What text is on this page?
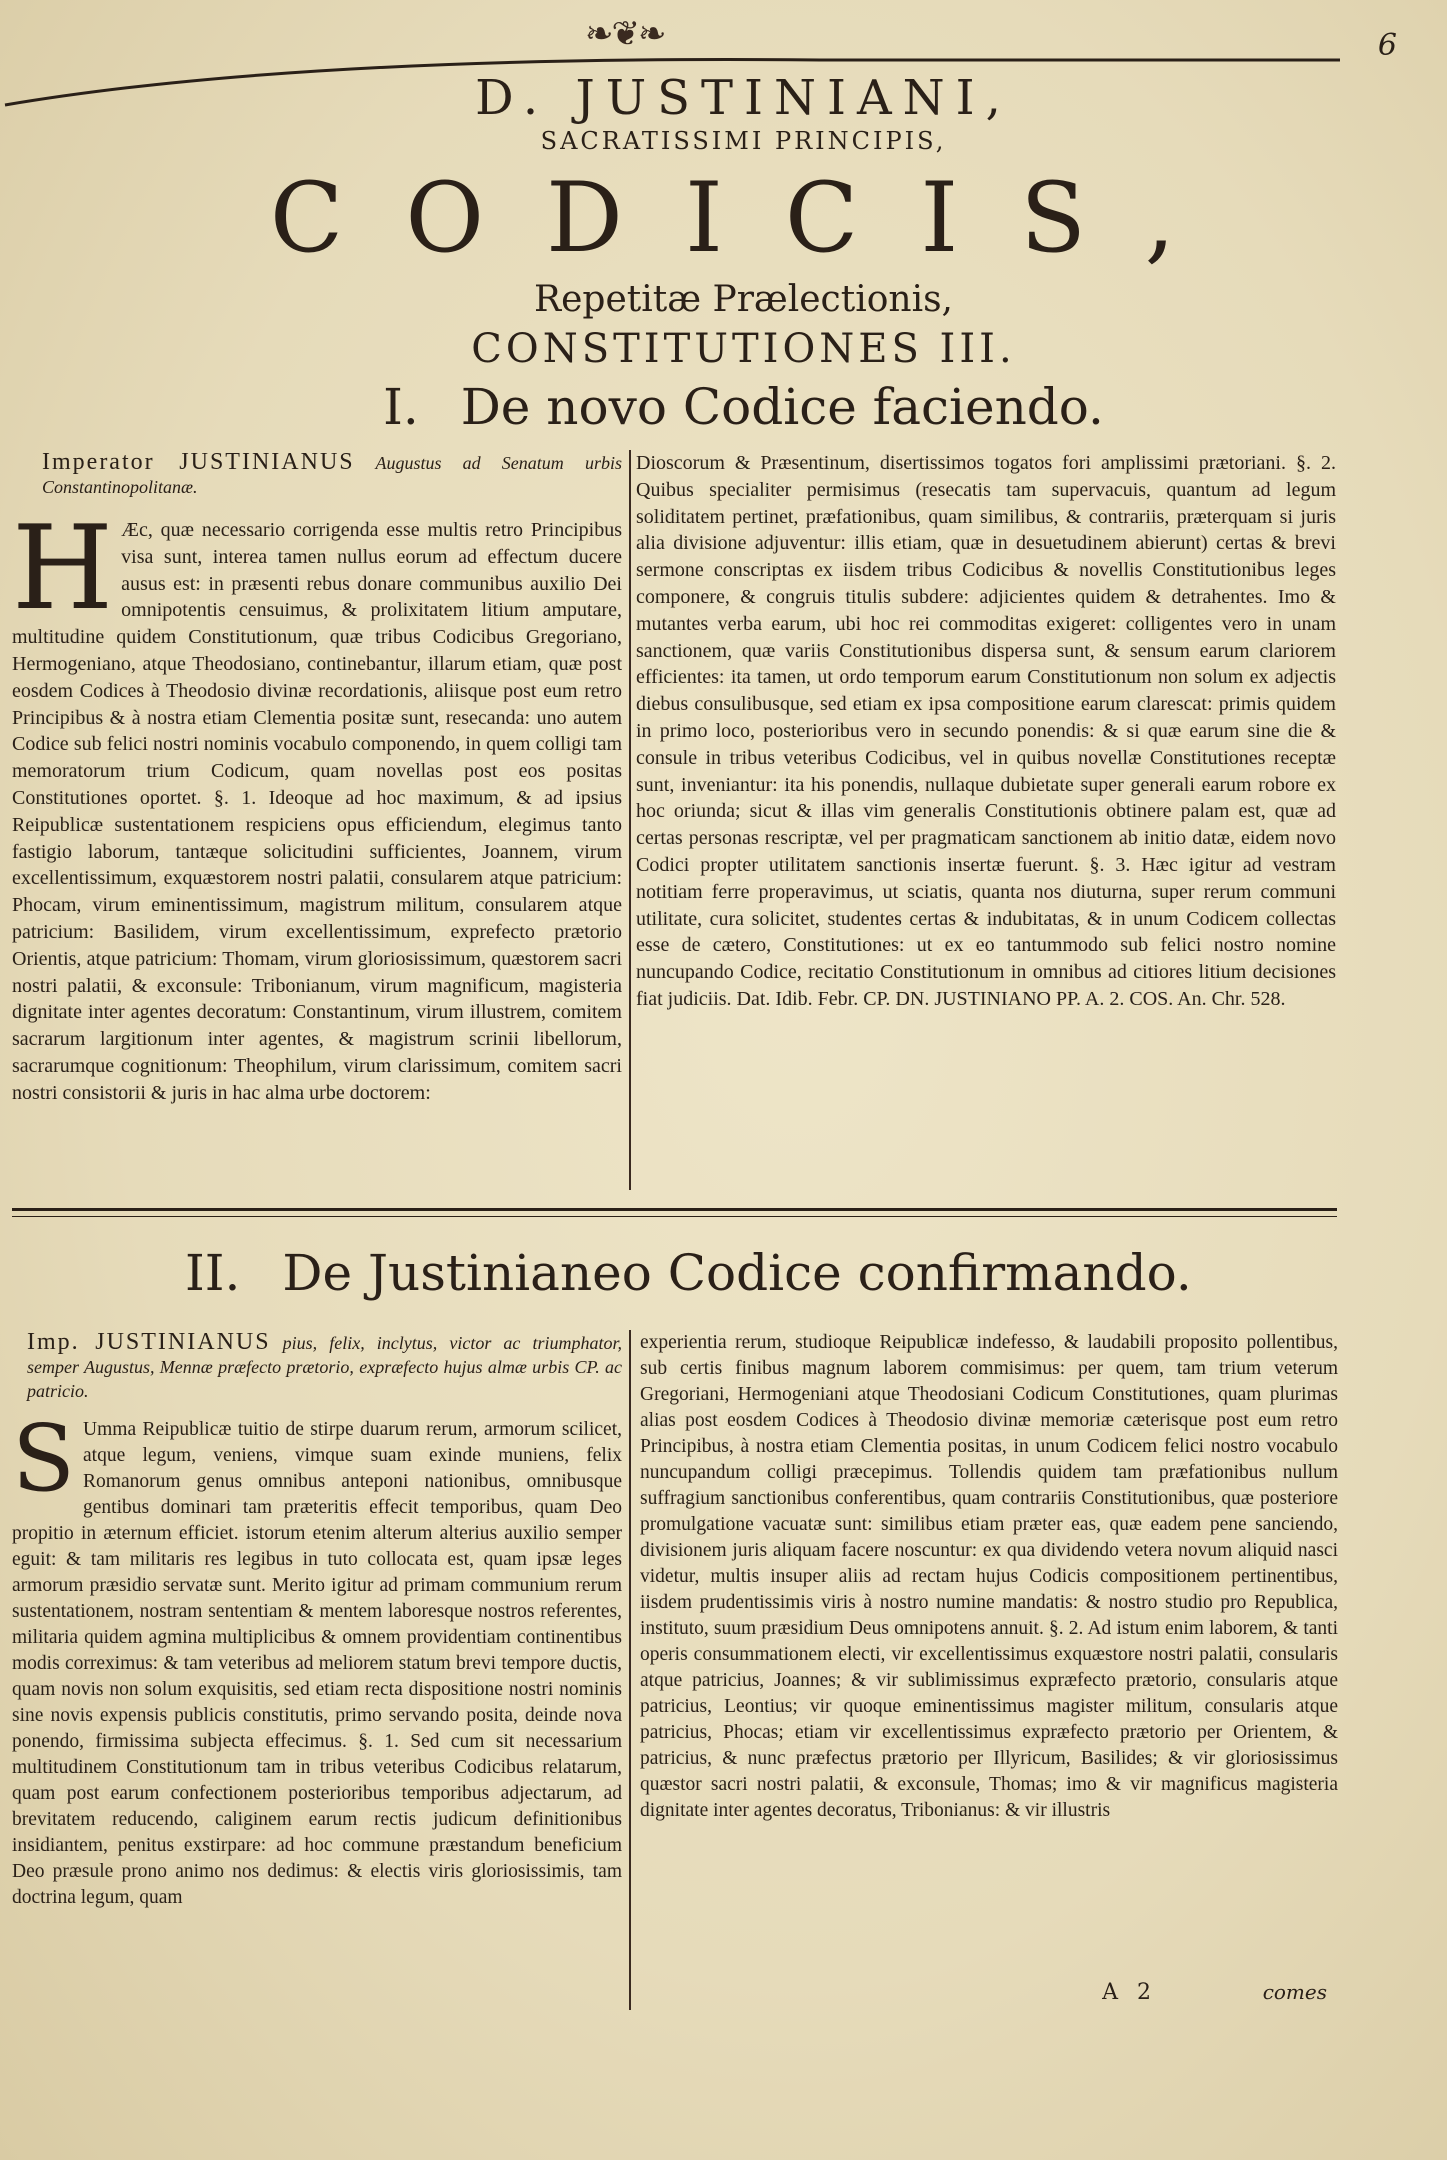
❧❦❧	6
D. JUSTINIANI,
SACRATISSIMI PRINCIPIS,
CODICIS,
Repetitæ Prælectionis,
CONSTITUTIONES III.
I. De novo Codice faciendo.

Imperator JUSTINIANUS Augustus ad Senatum urbis Constantinopolitanæ.

H Æc, quæ necessario corrigenda esse multis retro Principibus visa sunt, interea tamen nullus eorum ad effectum ducere ausus est: in præsenti rebus donare communibus auxilio Dei omnipotentis censuimus, & prolixitatem litium amputare, multitudine quidem Constitutionum, quæ tribus Codicibus Gregoriano, Hermogeniano, atque Theodosiano, continebantur, illarum etiam, quæ post eosdem Codices à Theodosio divinæ recordationis, aliisque post eum retro Principibus & à nostra etiam Clementia positæ sunt, resecanda: uno autem Codice sub felici nostri nominis vocabulo componendo, in quem colligi tam memoratorum trium Codicum, quam novellas post eos positas Constitutiones oportet. §. 1. Ideoque ad hoc maximum, & ad ipsius Reipublicæ sustentationem respiciens opus efficiendum, elegimus tanto fastigio laborum, tantæque solicitudini sufficientes, Joannem, virum excellentissimum, exquæstorem nostri palatii, consularem atque patricium: Phocam, virum eminentissimum, magistrum militum, consularem atque patricium: Basilidem, virum excellentissimum, exprefecto prætorio Orientis, atque patricium: Thomam, virum gloriosissimum, quæstorem sacri nostri palatii, & exconsule: Tribonianum, virum magnificum, magisteria dignitate inter agentes decoratum: Constantinum, virum illustrem, comitem sacrarum largitionum inter agentes, & magistrum scrinii libellorum, sacrarumque cognitionum: Theophilum, virum clarissimum, comitem sacri nostri consistorii & juris in hac alma urbe doctorem:

Dioscorum & Præsentinum, disertissimos togatos fori amplissimi prætoriani. §. 2. Quibus specialiter permisimus (resecatis tam supervacuis, quantum ad legum soliditatem pertinet, præfationibus, quam similibus, & contrariis, præterquam si juris alia divisione adjuventur: illis etiam, quæ in desuetudinem abierunt) certas & brevi sermone conscriptas ex iisdem tribus Codicibus & novellis Constitutionibus leges componere, & congruis titulis subdere: adjicientes quidem & detrahentes. Imo & mutantes verba earum, ubi hoc rei commoditas exigeret: colligentes vero in unam sanctionem, quæ variis Constitutionibus dispersa sunt, & sensum earum clariorem efficientes: ita tamen, ut ordo temporum earum Constitutionum non solum ex adjectis diebus consulibusque, sed etiam ex ipsa compositione earum clarescat: primis quidem in primo loco, posterioribus vero in secundo ponendis: & si quæ earum sine die & consule in tribus veteribus Codicibus, vel in quibus novellæ Constitutiones receptæ sunt, inveniantur: ita his ponendis, nullaque dubietate super generali earum robore ex hoc oriunda; sicut & illas vim generalis Constitutionis obtinere palam est, quæ ad certas personas rescriptæ, vel per pragmaticam sanctionem ab initio datæ, eidem novo Codici propter utilitatem sanctionis insertæ fuerunt. §. 3. Hæc igitur ad vestram notitiam ferre properavimus, ut sciatis, quanta nos diuturna, super rerum communi utilitate, cura solicitet, studentes certas & indubitatas, & in unum Codicem collectas esse de cætero, Constitutiones: ut ex eo tantummodo sub felici nostro nomine nuncupando Codice, recitatio Constitutionum in omnibus ad citiores litium decisiones fiat judiciis. Dat. Idib. Febr. CP. DN. JUSTINIANO PP. A. 2. COS. An. Chr. 528.

II. De Justinianeo Codice confirmando.

Imp. JUSTINIANUS pius, felix, inclytus, victor ac triumphator, semper Augustus, Mennæ præfecto prætorio, expræfecto hujus almæ urbis CP. ac patricio.

S Umma Reipublicæ tuitio de stirpe duarum rerum, armorum scilicet, atque legum, veniens, vimque suam exinde muniens, felix Romanorum genus omnibus anteponi nationibus, omnibusque gentibus dominari tam præteritis effecit temporibus, quam Deo propitio in æternum efficiet. istorum etenim alterum alterius auxilio semper eguit: & tam militaris res legibus in tuto collocata est, quam ipsæ leges armorum præsidio servatæ sunt. Merito igitur ad primam communium rerum sustentationem, nostram sententiam & mentem laboresque nostros referentes, militaria quidem agmina multiplicibus & omnem providentiam continentibus modis correximus: & tam veteribus ad meliorem statum brevi tempore ductis, quam novis non solum exquisitis, sed etiam recta dispositione nostri nominis sine novis expensis publicis constitutis, primo servando posita, deinde nova ponendo, firmissima subjecta effecimus. §. 1. Sed cum sit necessarium multitudinem Constitutionum tam in tribus veteribus Codicibus relatarum, quam post earum confectionem posterioribus temporibus adjectarum, ad brevitatem reducendo, caliginem earum rectis judicum definitionibus insidiantem, penitus exstirpare: ad hoc commune præstandum beneficium Deo præsule prono animo nos dedimus: & electis viris gloriosissimis, tam doctrina legum, quam

experientia rerum, studioque Reipublicæ indefesso, & laudabili proposito pollentibus, sub certis finibus magnum laborem commisimus: per quem, tam trium veterum Gregoriani, Hermogeniani atque Theodosiani Codicum Constitutiones, quam plurimas alias post eosdem Codices à Theodosio divinæ memoriæ cæterisque post eum retro Principibus, à nostra etiam Clementia positas, in unum Codicem felici nostro vocabulo nuncupandum colligi præcepimus. Tollendis quidem tam præfationibus nullum suffragium sanctionibus conferentibus, quam contrariis Constitutionibus, quæ posteriore promulgatione vacuatæ sunt: similibus etiam præter eas, quæ eadem pene sanciendo, divisionem juris aliquam facere noscuntur: ex qua dividendo vetera novum aliquid nasci videtur, multis insuper aliis ad rectam hujus Codicis compositionem pertinentibus, iisdem prudentissimis viris à nostro numine mandatis: & nostro studio pro Republica, instituto, suum præsidium Deus omnipotens annuit. §. 2. Ad istum enim laborem, & tanti operis consummationem electi, vir excellentissimus exquæstore nostri palatii, consularis atque patricius, Joannes; & vir sublimissimus expræfecto prætorio, consularis atque patricius, Leontius; vir quoque eminentissimus magister militum, consularis atque patricius, Phocas; etiam vir excellentissimus expræfecto prætorio per Orientem, & patricius, & nunc præfectus prætorio per Illyricum, Basilides; & vir gloriosissimus quæstor sacri nostri palatii, & exconsule, Thomas; imo & vir magnificus magisteria dignitate inter agentes decoratus, Tribonianus: & vir illustris

A 2	comes
